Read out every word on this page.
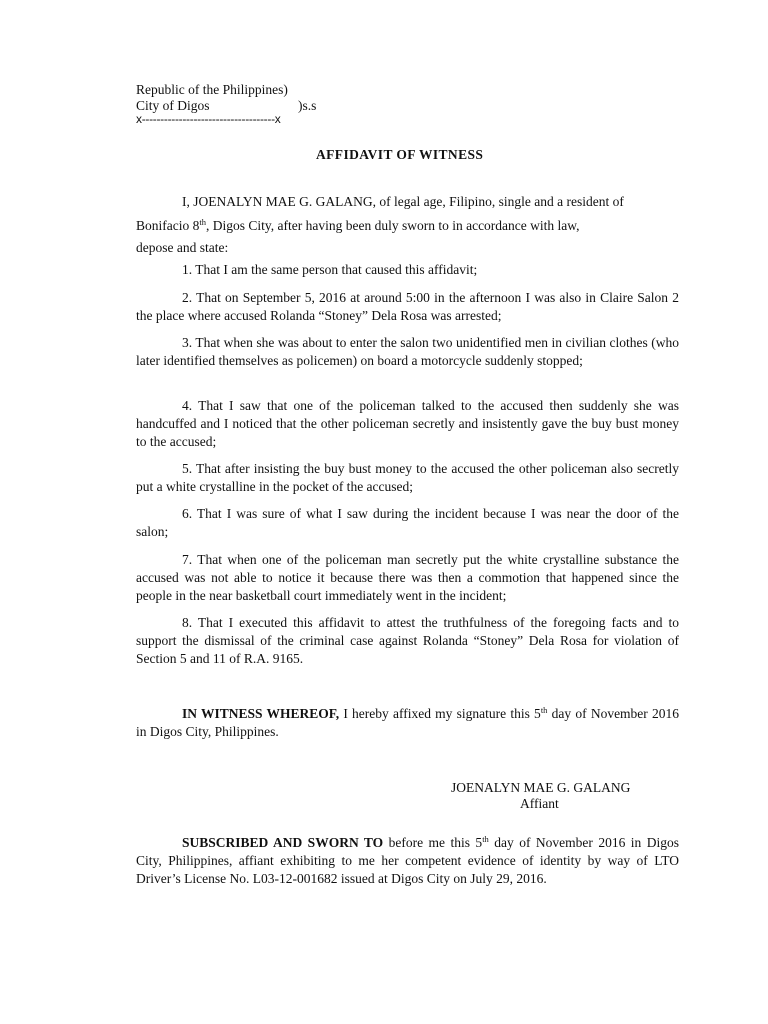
Republic of the Philippines)
City of Digos	)s.s
x------------------------------------x
AFFIDAVIT OF WITNESS
I, JOENALYN MAE G. GALANG, of legal age, Filipino, single and a resident of
Bonifacio 8th, Digos City, after having been duly sworn to in accordance with law,
depose and state:

1. That I am the same person that caused this affidavit;

2. That on September 5, 2016 at around 5:00 in the afternoon I was also in Claire Salon 2 the place where accused Rolanda “Stoney” Dela Rosa was arrested;

3. That when she was about to enter the salon two unidentified men in civilian clothes (who later identified themselves as policemen) on board a motorcycle suddenly stopped;

4. That I saw that one of the policeman talked to the accused then suddenly she was handcuffed and I noticed that the other policeman secretly and insistently gave the buy bust money to the accused;

5. That after insisting the buy bust money to the accused the other policeman also secretly put a white crystalline in the pocket of the accused;

6. That I was sure of what I saw during the incident because I was near the door of the salon;

7. That when one of the policeman man secretly put the white crystalline substance the accused was not able to notice it because there was then a commotion that happened since the people in the near basketball court immediately went in the incident;

8. That I executed this affidavit to attest the truthfulness of the foregoing facts and to support the dismissal of the criminal case against Rolanda “Stoney” Dela Rosa for violation of Section 5 and 11 of R.A. 9165.

IN WITNESS WHEREOF, I hereby affixed my signature this 5th day of November 2016 in Digos City, Philippines.

JOENALYN MAE G. GALANG
Affiant

SUBSCRIBED AND SWORN TO before me this 5th day of November 2016 in Digos City, Philippines, affiant exhibiting to me her competent evidence of identity by way of LTO Driver’s License No. L03-12-001682 issued at Digos City on July 29, 2016.
